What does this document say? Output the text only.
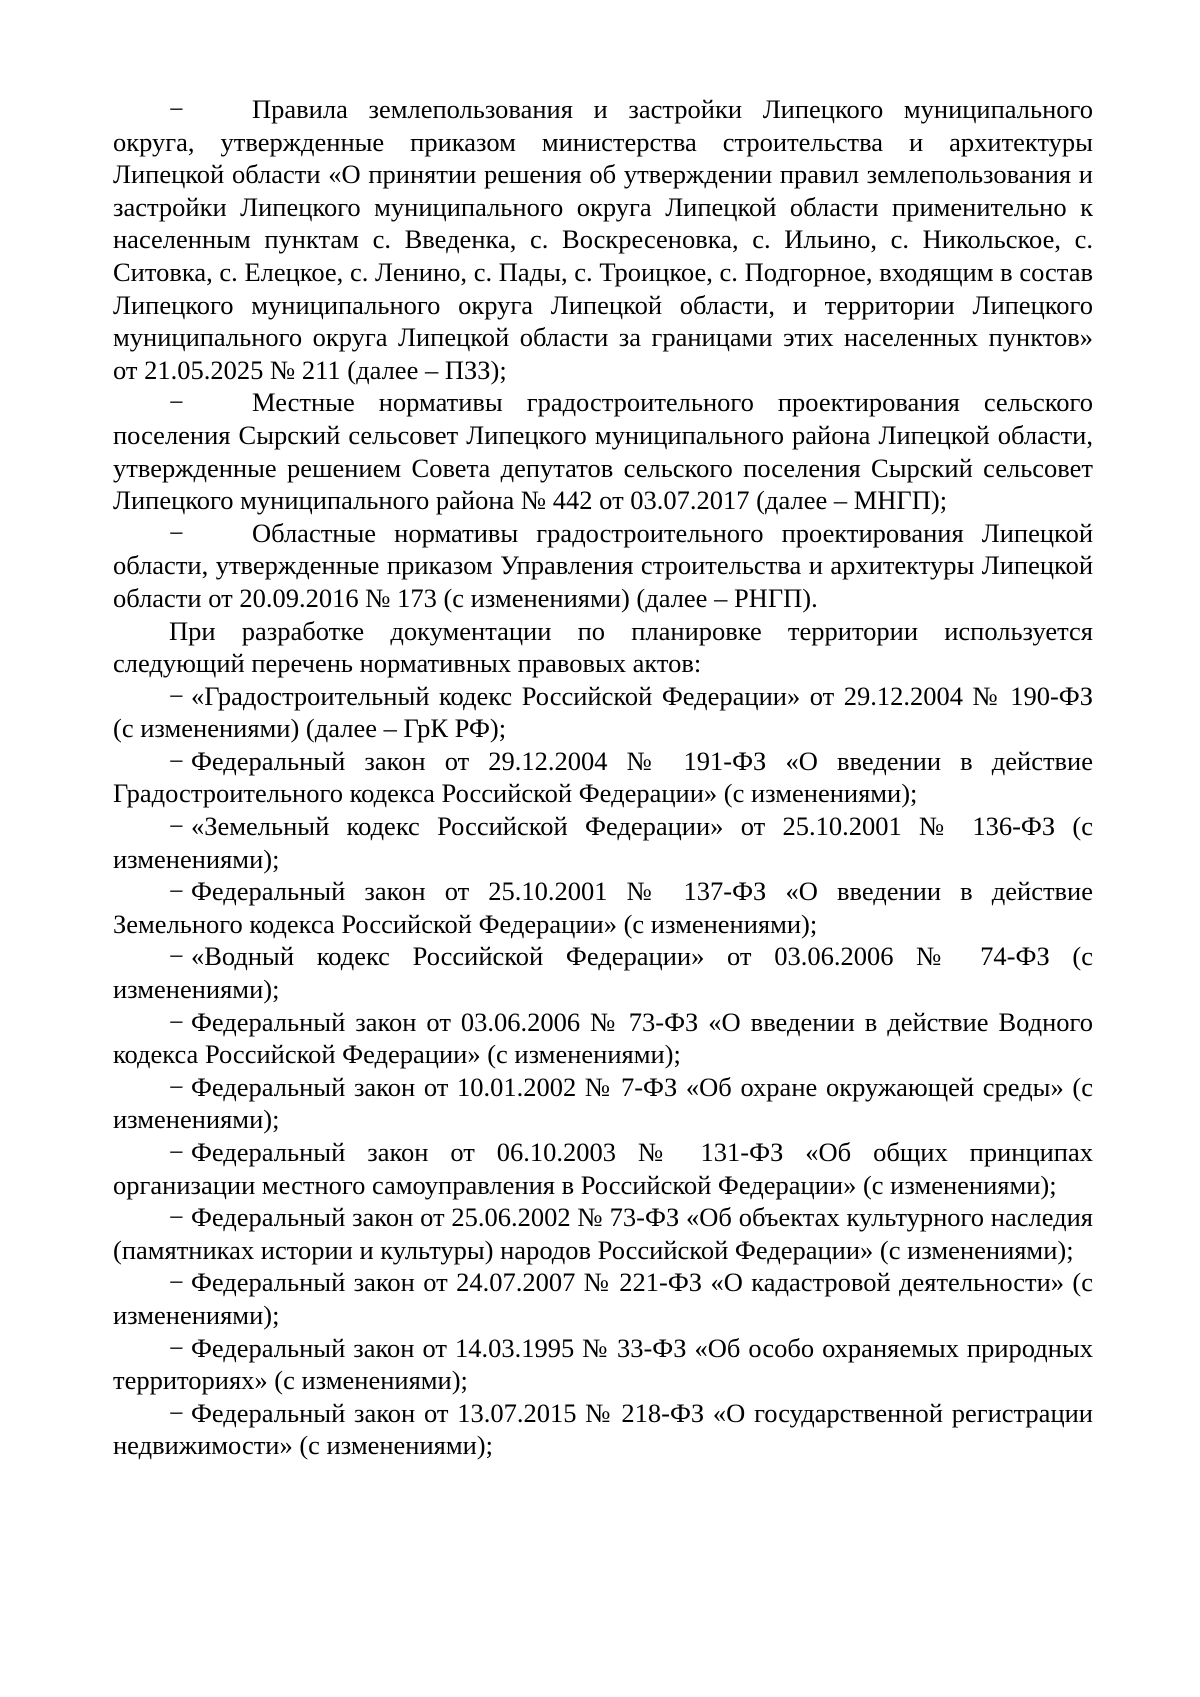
−	Правила землепользования и застройки Липецкого муниципального округа, утвержденные приказом министерства строительства и архитектуры Липецкой области «О принятии решения об утверждении правил землепользования и застройки Липецкого муниципального округа Липецкой области применительно к населенным пунктам с. Введенка, с. Воскресеновка, с. Ильино, с. Никольское, с. Ситовка, с. Елецкое, с. Ленино, с. Пады, с. Троицкое, с. Подгорное, входящим в состав Липецкого муниципального округа Липецкой области, и территории Липецкого муниципального округа Липецкой области за границами этих населенных пунктов» от 21.05.2025 № 211 (далее – ПЗЗ);

−	Местные нормативы градостроительного проектирования сельского поселения Сырский сельсовет Липецкого муниципального района Липецкой области, утвержденные решением Совета депутатов сельского поселения Сырский сельсовет Липецкого муниципального района № 442 от 03.07.2017 (далее – МНГП);

−	Областные нормативы градостроительного проектирования Липецкой области, утвержденные приказом Управления строительства и архитектуры Липецкой области от 20.09.2016 № 173 (с изменениями) (далее – РНГП).

При разработке документации по планировке территории используется следующий перечень нормативных правовых актов:

− «Градостроительный кодекс Российской Федерации» от 29.12.2004 № 190-ФЗ (с изменениями) (далее – ГрК РФ);

− Федеральный закон от 29.12.2004 № 191-ФЗ «О введении в действие Градостроительного кодекса Российской Федерации» (с изменениями);

− «Земельный кодекс Российской Федерации» от 25.10.2001 № 136-ФЗ (с изменениями);

− Федеральный закон от 25.10.2001 № 137-ФЗ «О введении в действие Земельного кодекса Российской Федерации» (с изменениями);

− «Водный кодекс Российской Федерации» от 03.06.2006 № 74-ФЗ (с изменениями);

− Федеральный закон от 03.06.2006 № 73-ФЗ «О введении в действие Водного кодекса Российской Федерации» (с изменениями);

− Федеральный закон от 10.01.2002 № 7-ФЗ «Об охране окружающей среды» (с изменениями);

− Федеральный закон от 06.10.2003 № 131-ФЗ «Об общих принципах организации местного самоуправления в Российской Федерации» (с изменениями);

− Федеральный закон от 25.06.2002 № 73-ФЗ «Об объектах культурного наследия (памятниках истории и культуры) народов Российской Федерации» (с изменениями);

− Федеральный закон от 24.07.2007 № 221-ФЗ «О кадастровой деятельности» (с изменениями);

− Федеральный закон от 14.03.1995 № 33-ФЗ «Об особо охраняемых природных территориях» (с изменениями);

− Федеральный закон от 13.07.2015 № 218-ФЗ «О государственной регистрации недвижимости» (с изменениями);
